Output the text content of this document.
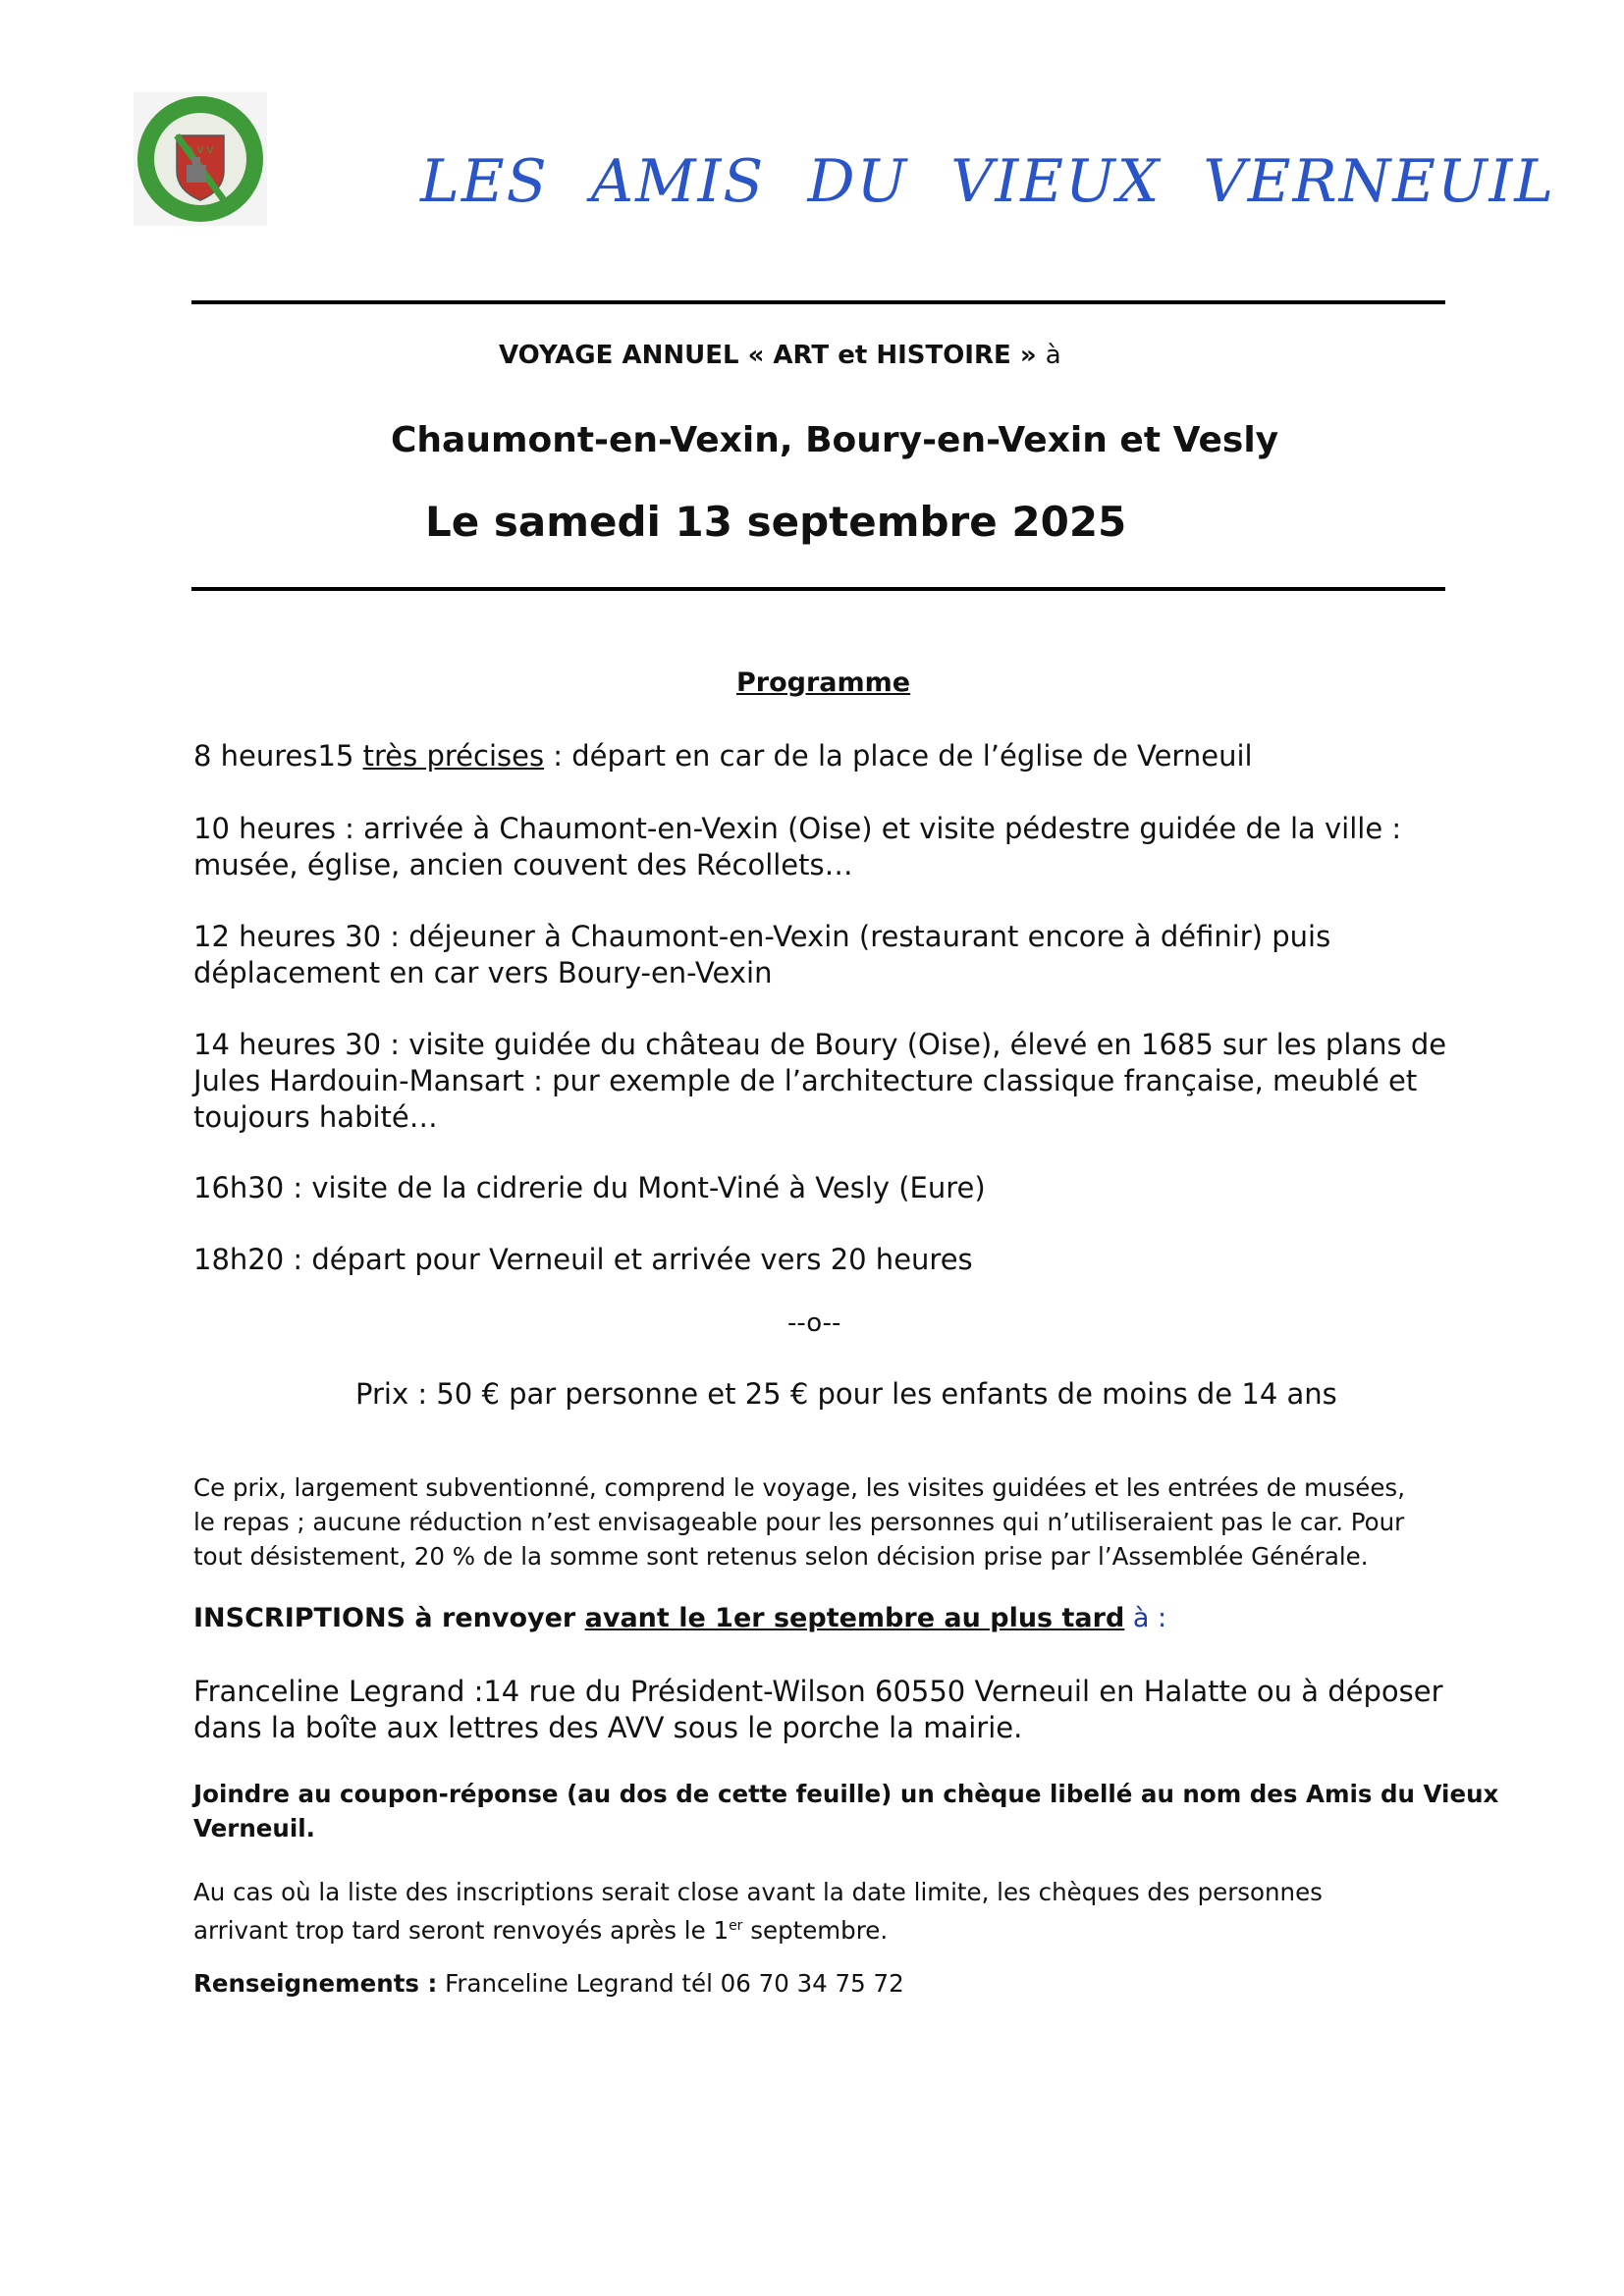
A V V	LES AMIS DU VIEUX VERNEUIL
VOYAGE ANNUEL « ART et HISTOIRE » à
Chaumont-en-Vexin, Boury-en-Vexin et Vesly
Le samedi 13 septembre 2025
Programme
8 heures15 très précises : départ en car de la place de l’église de Verneuil
10 heures : arrivée à Chaumont-en-Vexin (Oise) et visite pédestre guidée de la ville :
musée, église, ancien couvent des Récollets…
12 heures 30 : déjeuner à Chaumont-en-Vexin (restaurant encore à définir) puis
déplacement en car vers Boury-en-Vexin
14 heures 30 : visite guidée du château de Boury (Oise), élevé en 1685 sur les plans de
Jules Hardouin-Mansart : pur exemple de l’architecture classique française, meublé et
toujours habité…
16h30 : visite de la cidrerie du Mont-Viné à Vesly (Eure)
18h20 : départ pour Verneuil et arrivée vers 20 heures
--o--
Prix : 50 € par personne et 25 € pour les enfants de moins de 14 ans
Ce prix, largement subventionné, comprend le voyage, les visites guidées et les entrées de musées,
le repas ; aucune réduction n’est envisageable pour les personnes qui n’utiliseraient pas le car. Pour
tout désistement, 20 % de la somme sont retenus selon décision prise par l’Assemblée Générale.
INSCRIPTIONS à renvoyer avant le 1er septembre au plus tard à :
Franceline Legrand :14 rue du Président-Wilson 60550 Verneuil en Halatte ou à déposer
dans la boîte aux lettres des AVV sous le porche la mairie.
Joindre au coupon-réponse (au dos de cette feuille) un chèque libellé au nom des Amis du Vieux
Verneuil.
Au cas où la liste des inscriptions serait close avant la date limite, les chèques des personnes
arrivant trop tard seront renvoyés après le 1er septembre.
Renseignements : Franceline Legrand tél 06 70 34 75 72
